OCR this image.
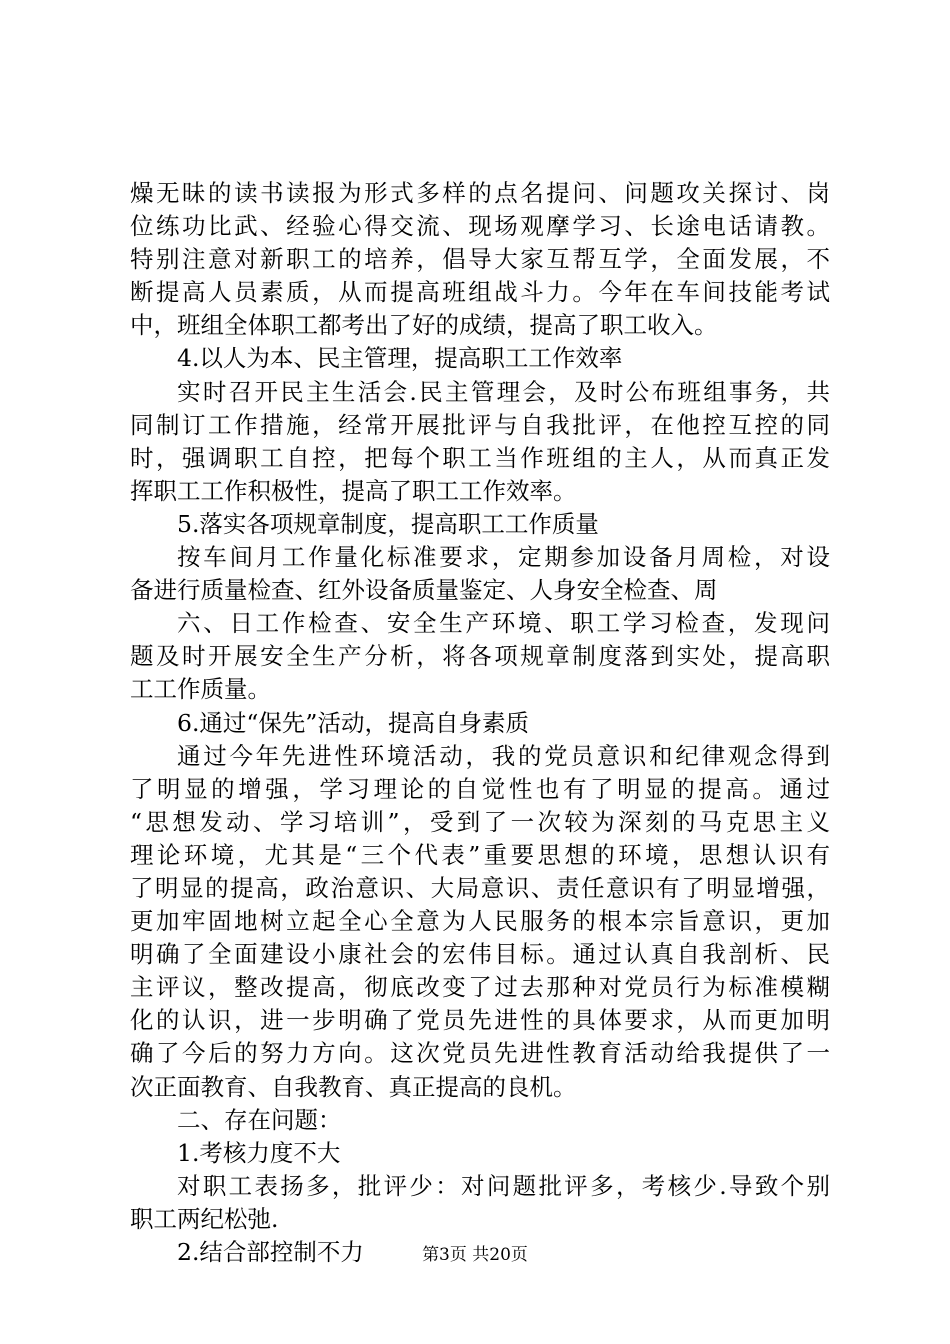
燥无昧的读书读报为形式多样的点名提问、问题攻关探讨、岗
位练功比武、经验心得交流、现场观摩学习、长途电话请教。
特别注意对新职工的培养，倡导大家互帮互学，全面发展，不
断提高人员素质，从而提高班组战斗力。今年在车间技能考试
中，班组全体职工都考出了好的成绩，提高了职工收入。
4.以人为本、民主管理，提高职工工作效率
实时召开民主生活会.民主管理会，及时公布班组事务，共
同制订工作措施，经常开展批评与自我批评，在他控互控的同
时，强调职工自控，把每个职工当作班组的主人，从而真正发
挥职工工作积极性，提高了职工工作效率。
5.落实各项规章制度，提高职工工作质量
按车间月工作量化标准要求，定期参加设备月周检，对设
备进行质量检查、红外设备质量鉴定、人身安全检查、周
六、日工作检查、安全生产环境、职工学习检查，发现问
题及时开展安全生产分析，将各项规章制度落到实处，提高职
工工作质量。
6.通过“保先”活动，提高自身素质
通过今年先进性环境活动，我的党员意识和纪律观念得到
了明显的增强，学习理论的自觉性也有了明显的提高。通过
“思想发动、学习培训”，受到了一次较为深刻的马克思主义
理论环境，尤其是“三个代表”重要思想的环境，思想认识有
了明显的提高，政治意识、大局意识、责任意识有了明显增强，
更加牢固地树立起全心全意为人民服务的根本宗旨意识，更加
明确了全面建设小康社会的宏伟目标。通过认真自我剖析、民
主评议，整改提高，彻底改变了过去那种对党员行为标准模糊
化的认识，进一步明确了党员先进性的具体要求，从而更加明
确了今后的努力方向。这次党员先进性教育活动给我提供了一
次正面教育、自我教育、真正提高的良机。
二、存在问题：
1.考核力度不大
对职工表扬多，批评少：对问题批评多，考核少.导致个别
职工两纪松弛.
2.结合部控制不力	第3页 共20页
